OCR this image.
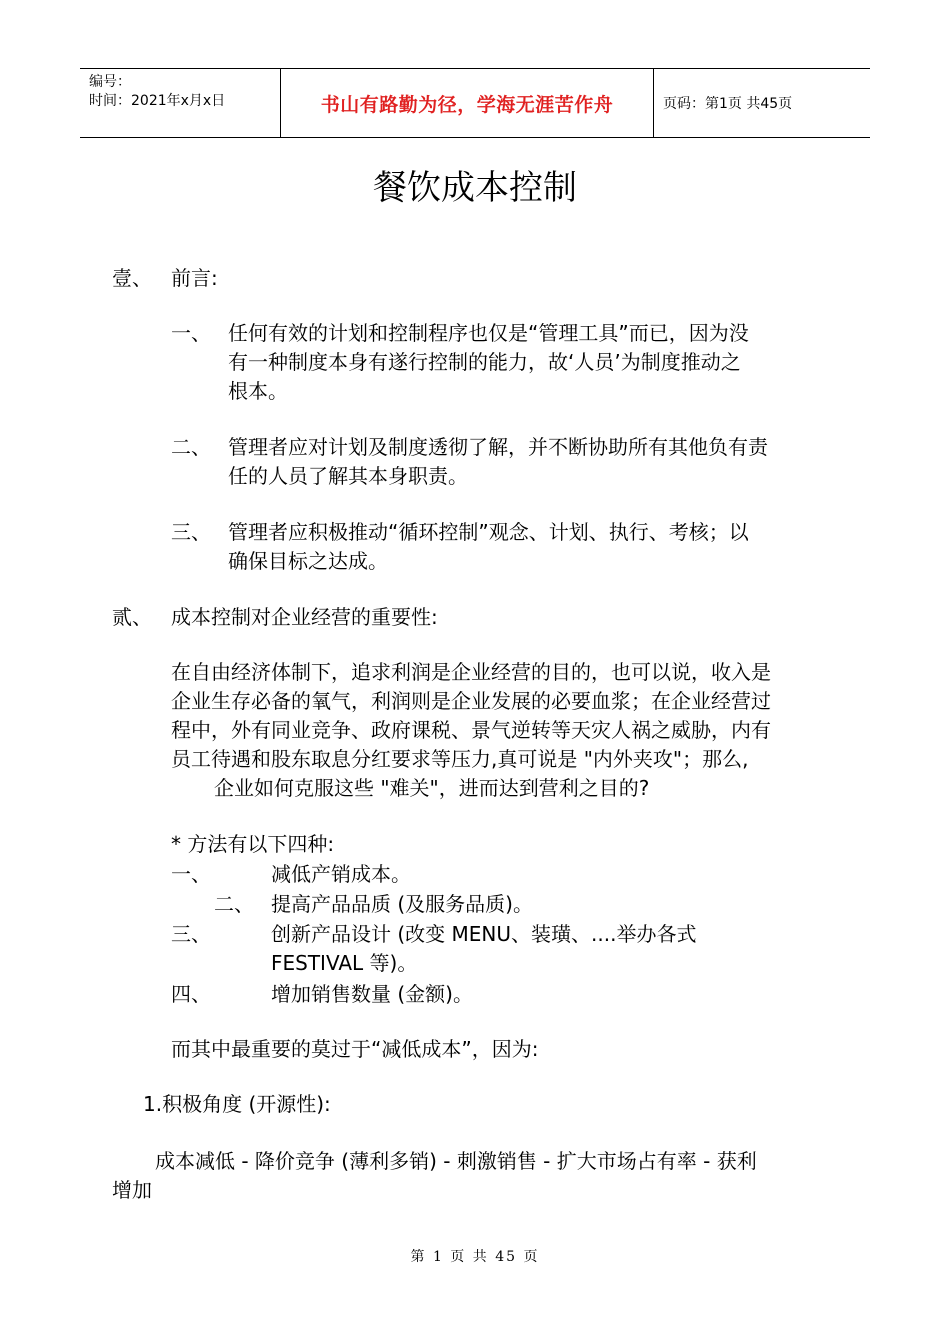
编号：
时间：2021年x月x日	书山有路勤为径，学海无涯苦作舟	页码：第1页 共45页
餐饮成本控制
壹、 前言:
一、 任何有效的计划和控制程序也仅是“管理工具”而已，因为没
有一种制度本身有遂行控制的能力，故‘人员’为制度推动之
根本。
二、 管理者应对计划及制度透彻了解，并不断协助所有其他负有责
任的人员了解其本身职责。
三、 管理者应积极推动“循环控制”观念、计划、执行、考核；以
确保目标之达成。
贰、 成本控制对企业经营的重要性:
在自由经济体制下，追求利润是企业经营的目的，也可以说，收入是
企业生存必备的氧气，利润则是企业发展的必要血浆；在企业经营过
程中，外有同业竞争、政府课税、景气逆转等天灾人祸之威胁，内有
员工待遇和股东取息分红要求等压力,真可说是 "内外夹攻"；那么,
企业如何克服这些 "难关"，进而达到营利之目的?
* 方法有以下四种:
一、	减低产销成本。
二、 提高产品品质 (及服务品质)。
三、	创新产品设计 (改变 MENU、装璜、....举办各式
FESTIVAL 等)。
四、	增加销售数量 (金额)。
而其中最重要的莫过于“减低成本”，因为:
1.积极角度 (开源性):
成本减低 - 降价竞争 (薄利多销) - 刺激销售 - 扩大市场占有率 - 获利
增加
第 1 页 共 45 页
